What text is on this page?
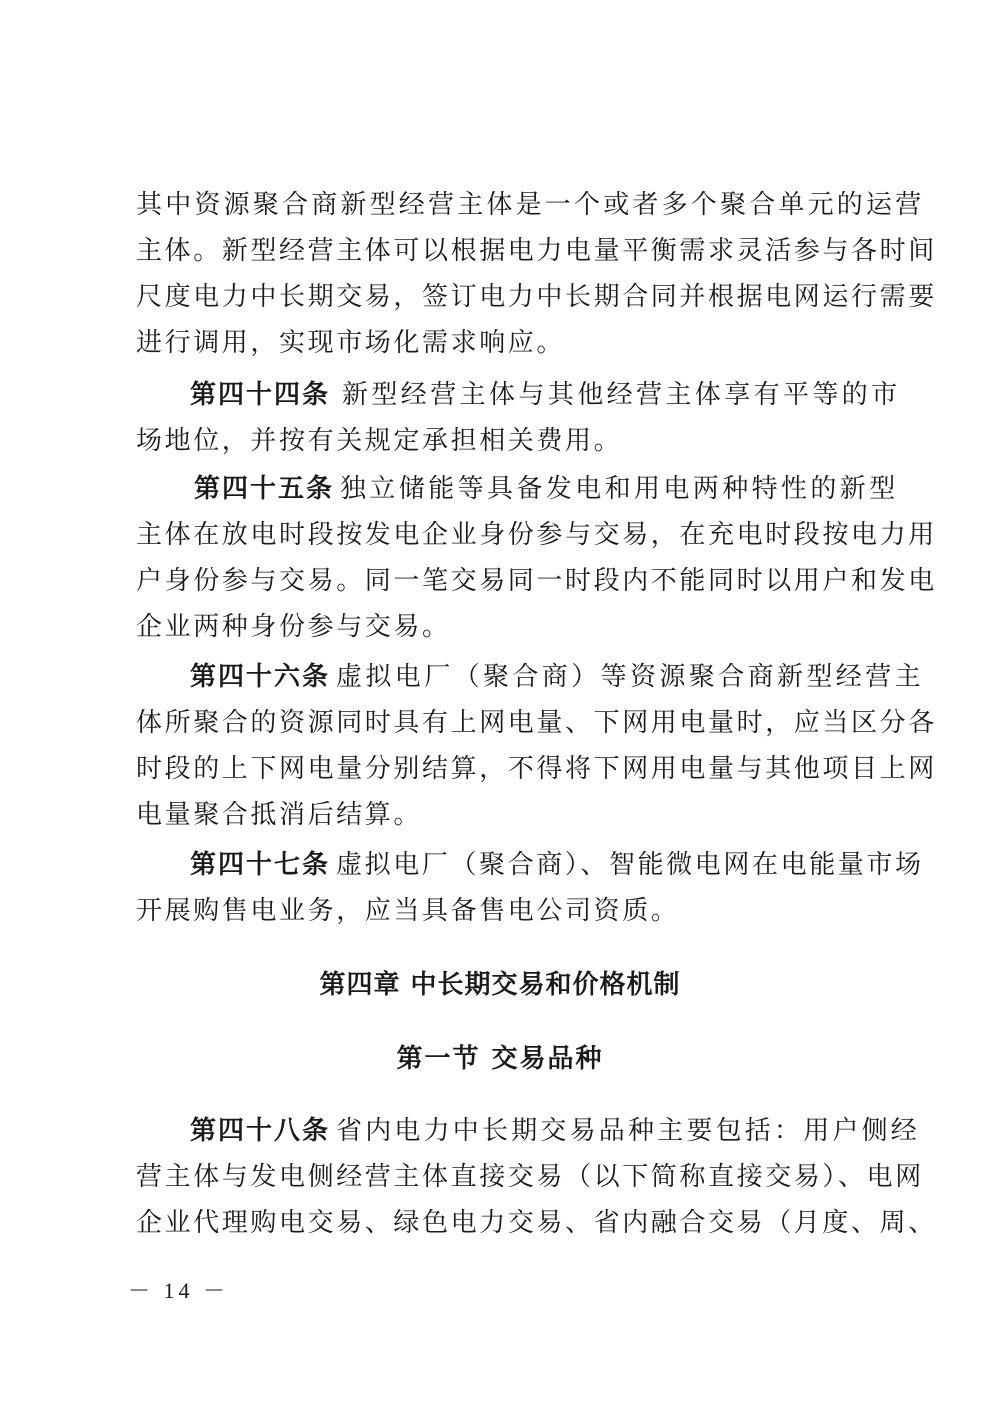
其中资源聚合商新型经营主体是一个或者多个聚合单元的运营
主体。新型经营主体可以根据电力电量平衡需求灵活参与各时间
尺度电力中长期交易，签订电力中长期合同并根据电网运行需要
进行调用，实现市场化需求响应。
第四十四条 新型经营主体与其他经营主体享有平等的市
场地位，并按有关规定承担相关费用。
第四十五条 独立储能等具备发电和用电两种特性的新型
主体在放电时段按发电企业身份参与交易，在充电时段按电力用
户身份参与交易。同一笔交易同一时段内不能同时以用户和发电
企业两种身份参与交易。
第四十六条 虚拟电厂（聚合商）等资源聚合商新型经营主
体所聚合的资源同时具有上网电量、下网用电量时，应当区分各
时段的上下网电量分别结算，不得将下网用电量与其他项目上网
电量聚合抵消后结算。
第四十七条 虚拟电厂（聚合商）、智能微电网在电能量市场
开展购售电业务，应当具备售电公司资质。
第四章 中长期交易和价格机制
第一节 交易品种
第四十八条 省内电力中长期交易品种主要包括：用户侧经
营主体与发电侧经营主体直接交易（以下简称直接交易）、电网
企业代理购电交易、绿色电力交易、省内融合交易（月度、周、
－ 14 －
